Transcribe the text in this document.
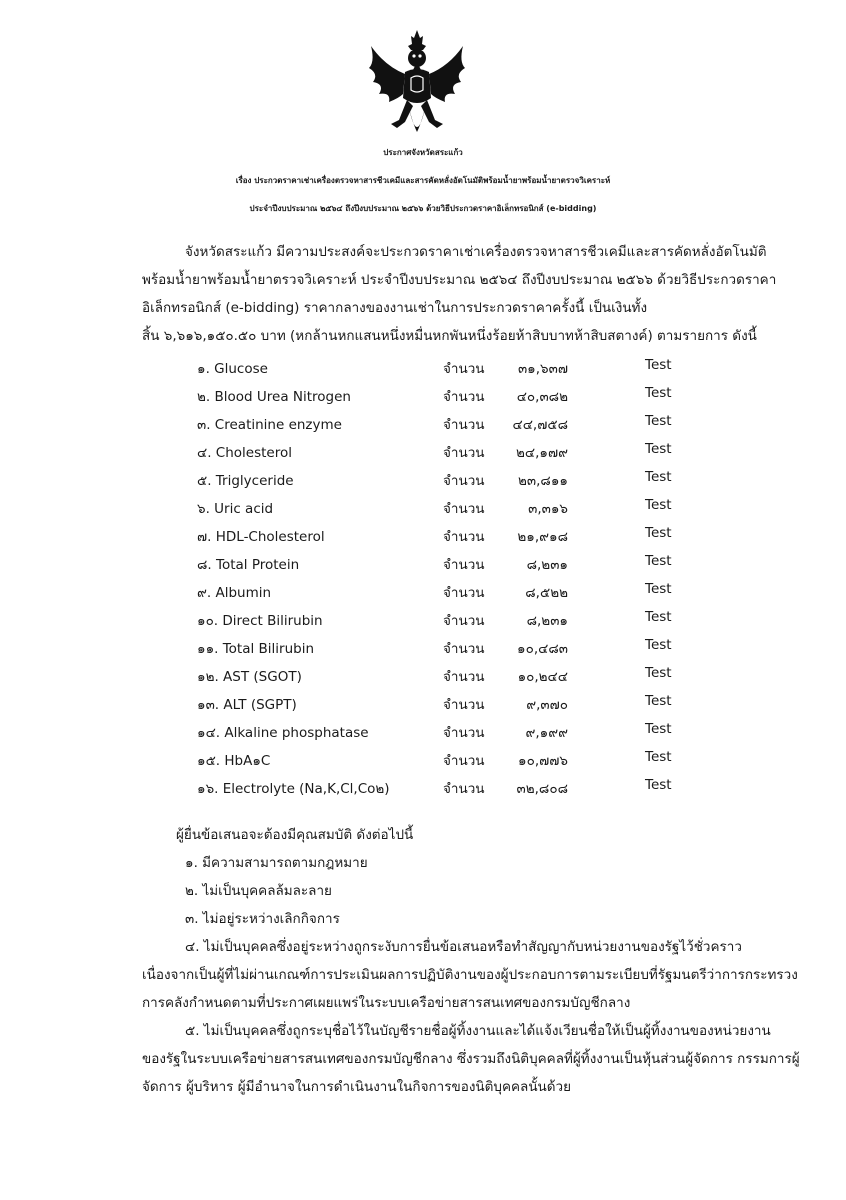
ประกาศจังหวัดสระแก้ว
เรื่อง ประกวดราคาเช่าเครื่องตรวจหาสารชีวเคมีและสารคัดหลั่งอัตโนมัติพร้อมน้ำยาพร้อมน้ำยาตรวจวิเคราะห์
ประจำปีงบประมาณ ๒๕๖๔ ถึงปีงบประมาณ ๒๕๖๖ ด้วยวิธีประกวดราคาอิเล็กทรอนิกส์ (e-bidding)
จังหวัดสระแก้ว มีความประสงค์จะประกวดราคาเช่าเครื่องตรวจหาสารชีวเคมีและสารคัดหลั่งอัตโนมัติ
พร้อมน้ำยาพร้อมน้ำยาตรวจวิเคราะห์ ประจำปีงบประมาณ ๒๕๖๔ ถึงปีงบประมาณ ๒๕๖๖ ด้วยวิธีประกวดราคา
อิเล็กทรอนิกส์ (e-bidding) ราคากลางของงานเช่าในการประกวดราคาครั้งนี้ เป็นเงินทั้ง
สิ้น ๖,๖๑๖,๑๕๐.๕๐ บาท (หกล้านหกแสนหนึ่งหมื่นหกพันหนึ่งร้อยห้าสิบบาทห้าสิบสตางค์) ตามรายการ ดังนี้
๑. Glucose	จำนวน	๓๑,๖๓๗	Test
๒. Blood Urea Nitrogen	จำนวน	๔๐,๓๘๒	Test
๓. Creatinine enzyme	จำนวน	๔๔,๗๕๘	Test
๔. Cholesterol	จำนวน	๒๔,๑๗๙	Test
๕. Triglyceride	จำนวน	๒๓,๘๑๑	Test
๖. Uric acid	จำนวน	๓,๓๑๖	Test
๗. HDL-Cholesterol	จำนวน	๒๑,๙๑๘	Test
๘. Total Protein	จำนวน	๘,๒๓๑	Test
๙. Albumin	จำนวน	๘,๕๒๒	Test
๑๐. Direct Bilirubin	จำนวน	๘,๒๓๑	Test
๑๑. Total Bilirubin	จำนวน	๑๐,๔๘๓	Test
๑๒. AST (SGOT)	จำนวน	๑๐,๒๔๔	Test
๑๓. ALT (SGPT)	จำนวน	๙,๓๗๐	Test
๑๔. Alkaline phosphatase	จำนวน	๙,๑๙๙	Test
๑๕. HbA๑C	จำนวน	๑๐,๗๗๖	Test
๑๖. Electrolyte (Na,K,Cl,Co๒)	จำนวน	๓๒,๘๐๘	Test
ผู้ยื่นข้อเสนอจะต้องมีคุณสมบัติ ดังต่อไปนี้
๑. มีความสามารถตามกฎหมาย
๒. ไม่เป็นบุคคลล้มละลาย
๓. ไม่อยู่ระหว่างเลิกกิจการ
๔. ไม่เป็นบุคคลซึ่งอยู่ระหว่างถูกระงับการยื่นข้อเสนอหรือทำสัญญากับหน่วยงานของรัฐไว้ชั่วคราว
เนื่องจากเป็นผู้ที่ไม่ผ่านเกณฑ์การประเมินผลการปฏิบัติงานของผู้ประกอบการตามระเบียบที่รัฐมนตรีว่าการกระทรวง
การคลังกำหนดตามที่ประกาศเผยแพร่ในระบบเครือข่ายสารสนเทศของกรมบัญชีกลาง
๕. ไม่เป็นบุคคลซึ่งถูกระบุชื่อไว้ในบัญชีรายชื่อผู้ทิ้งงานและได้แจ้งเวียนชื่อให้เป็นผู้ทิ้งงานของหน่วยงาน
ของรัฐในระบบเครือข่ายสารสนเทศของกรมบัญชีกลาง ซึ่งรวมถึงนิติบุคคลที่ผู้ทิ้งงานเป็นหุ้นส่วนผู้จัดการ กรรมการผู้
จัดการ ผู้บริหาร ผู้มีอำนาจในการดำเนินงานในกิจการของนิติบุคคลนั้นด้วย
